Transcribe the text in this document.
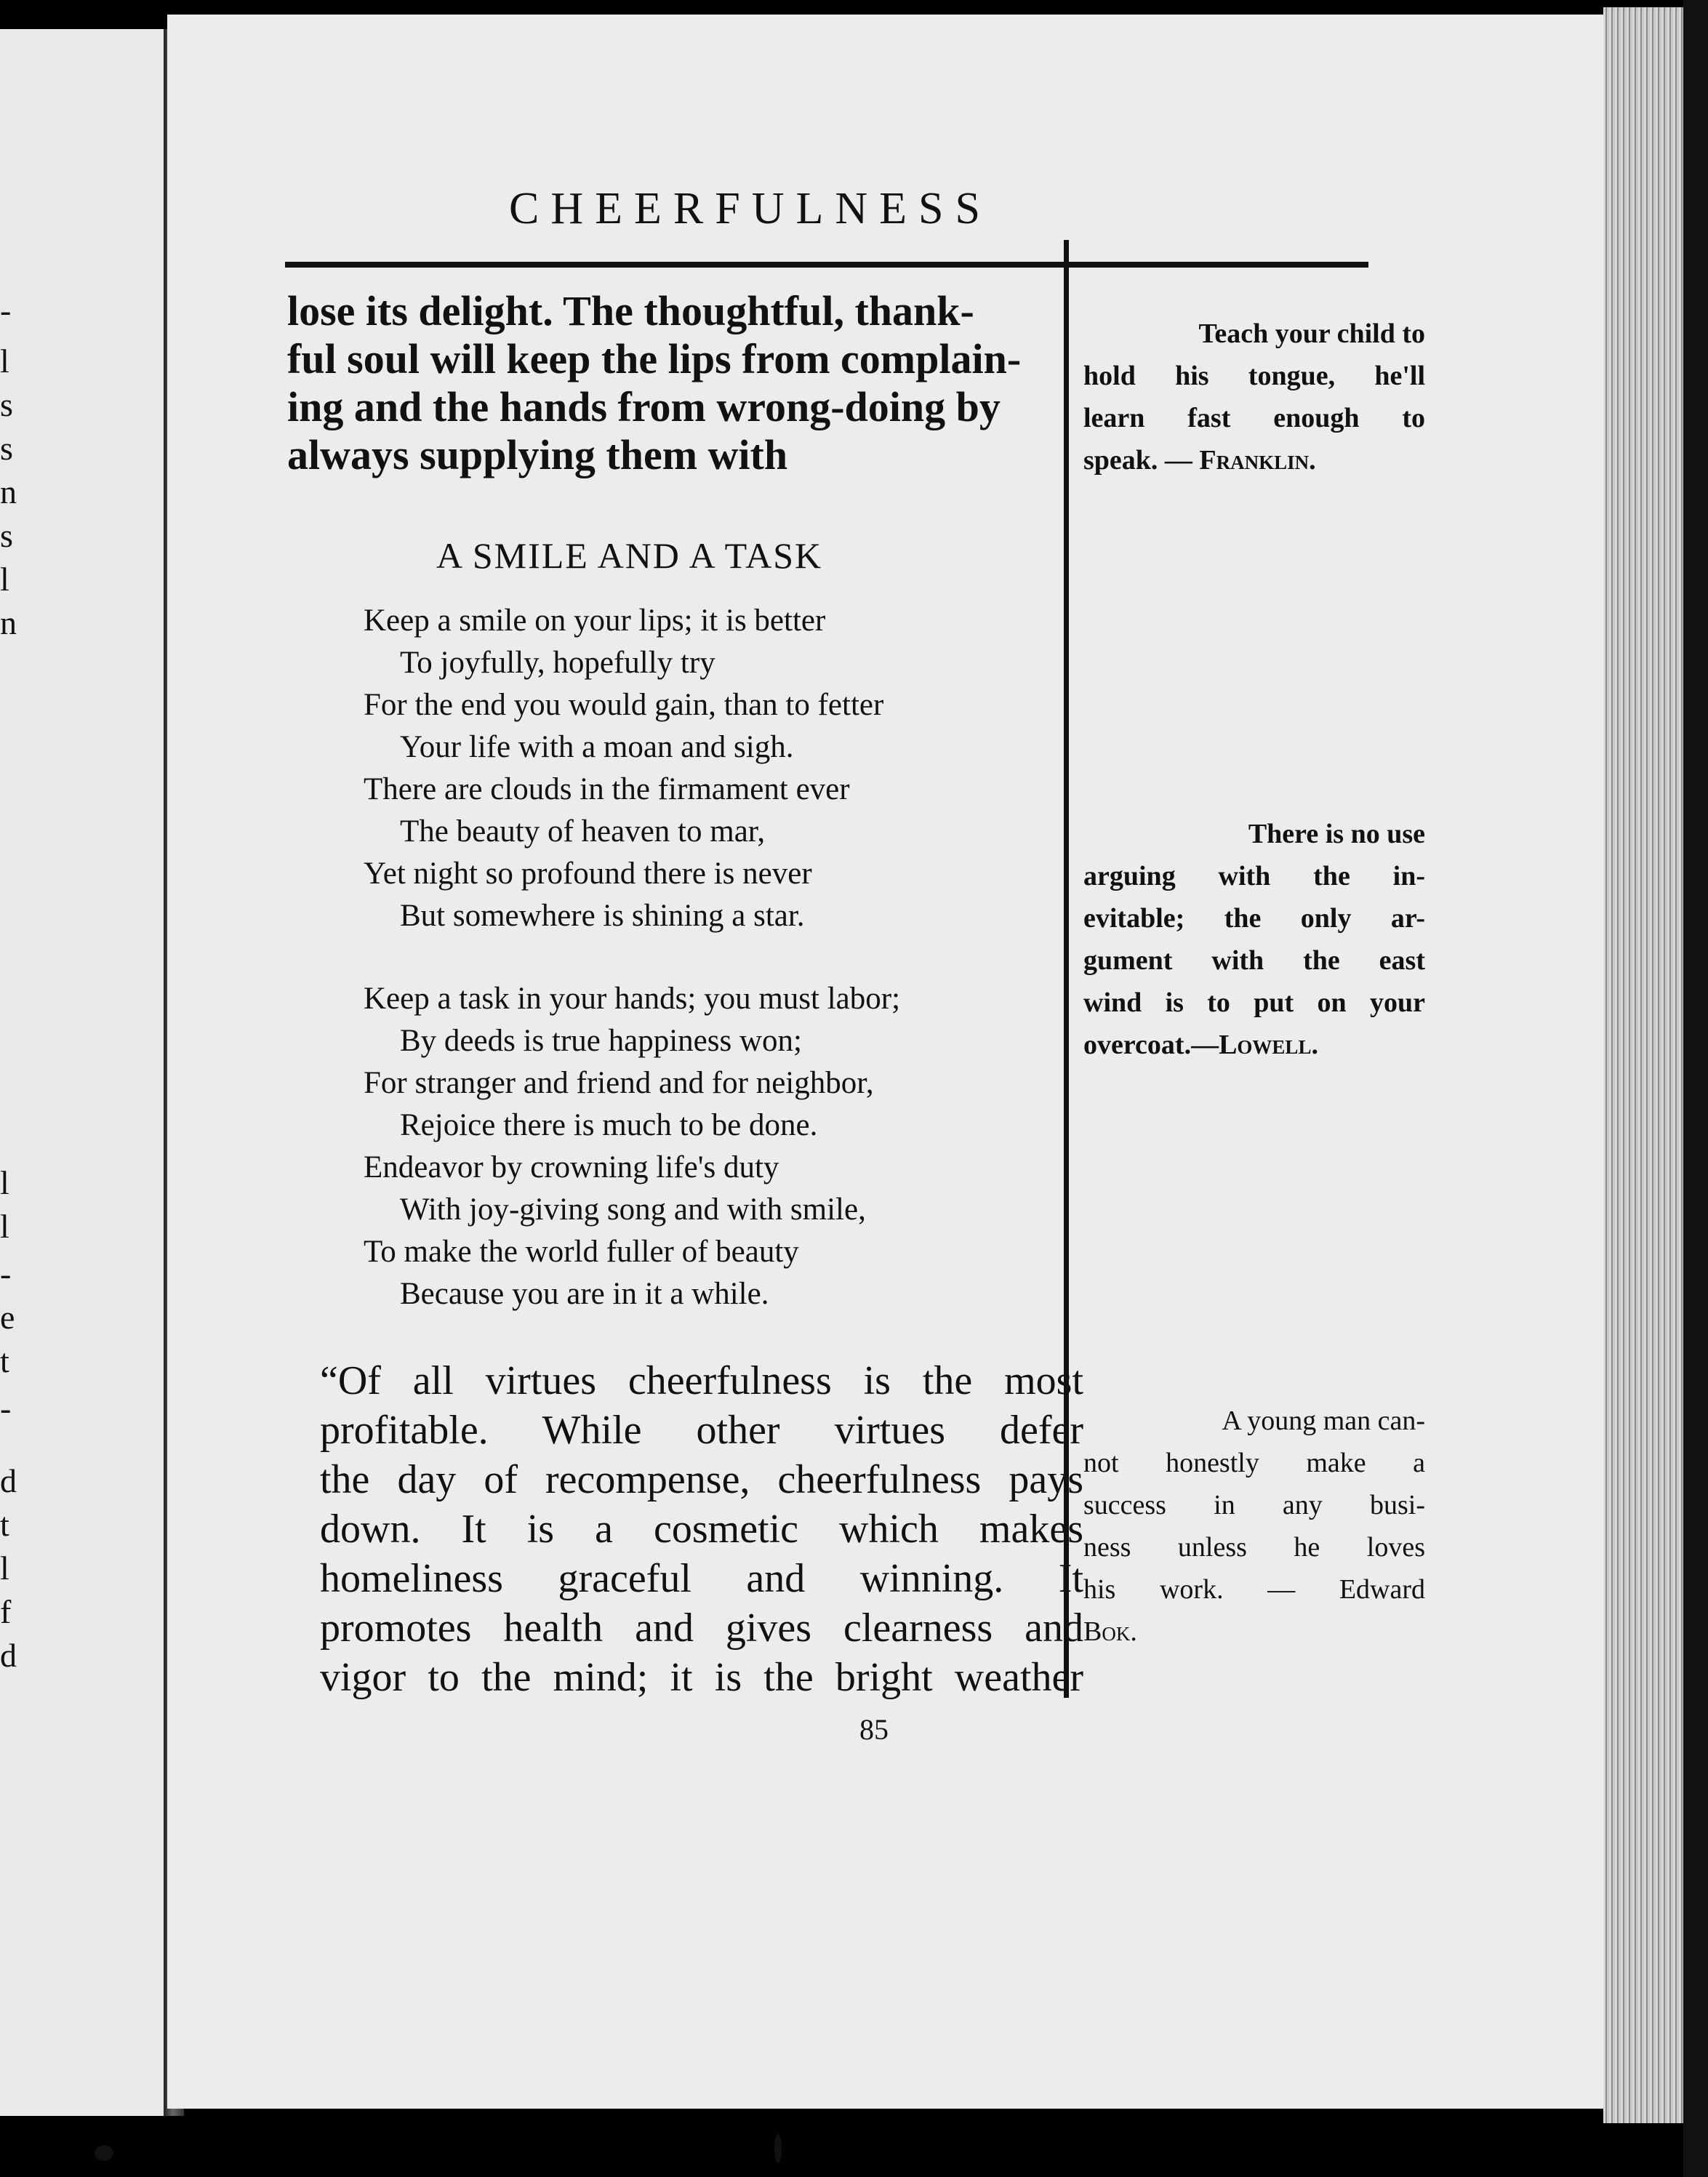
-
l
s
s
n
s
l
n
l
l
-
e
t
-
d
t
l
f
d
CHEERFULNESS

lose its delight. The thoughtful, thank-
ful soul will keep the lips from complain-
ing and the hands from wrong-doing by
always supplying them with

A SMILE AND A TASK
Keep a smile on your lips; it is better
To joyfully, hopefully try
For the end you would gain, than to fetter
Your life with a moan and sigh.
There are clouds in the firmament ever
The beauty of heaven to mar,
Yet night so profound there is never
But somewhere is shining a star.
Keep a task in your hands; you must labor;
By deeds is true happiness won;
For stranger and friend and for neighbor,
Rejoice there is much to be done.
Endeavor by crowning life's duty
With joy-giving song and with smile,
To make the world fuller of beauty
Because you are in it a while.
“Of all virtues cheerfulness is the most
profitable. While other virtues defer
the day of recompense, cheerfulness pays
down. It is a cosmetic which makes
homeliness graceful and winning. It
promotes health and gives clearness and
vigor to the mind; it is the bright weather
85
Teach your child to
hold his tongue, he'll
learn fast enough to
speak. — Franklin.
There is no use
arguing with the in-
evitable; the only ar-
gument with the east
wind is to put on your
overcoat.—Lowell.
A young man can-
not honestly make a
success in any busi-
ness unless he loves
his work. — Edward
Bok.
